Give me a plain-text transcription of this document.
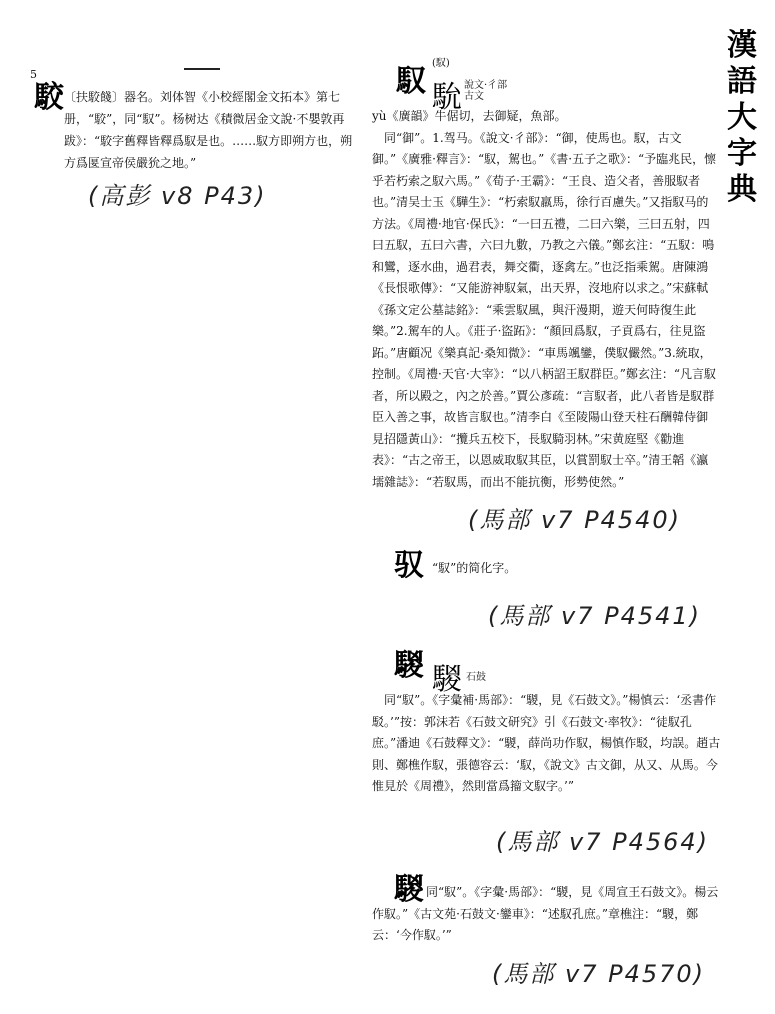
漢
語
大
字
典
5
駮 〔扶駮餞〕器名。刘体智《小校經閣金文拓本》第七册，“駮”，同“馭”。杨树达《積微居金文說·不嬰敦再跋》：“駮字舊釋皆釋爲馭是也。……馭方即朔方也，朔方爲匽宣帝侯嚴狁之地。”
(高彭 v8 P43)
馭
(馭)
馻 說文·彳部
古文

yù《廣韻》牛倨切，去御疑，魚部。

同“御”。1.驾马。《說文·彳部》：“御，使馬也。馭，古文御。”《廣雅·釋言》：“馭，駕也。”《書·五子之歌》：“予臨兆民，懔乎若朽索之馭六馬。”《荀子·王霸》：“王良、造父者，善服馭者也。”清吴士玉《驊生》：“朽索馭羸馬，徐行百慮失。”又指馭马的方法。《周禮·地官·保氏》：“一曰五禮，二曰六樂，三曰五射，四曰五馭，五曰六書，六曰九數，乃教之六儀。”鄭玄注：“五馭：鳴和鸞，逐水曲，過君表，舞交衢，逐禽左。”也泛指乘駕。唐陳鴻《長恨歌傳》：“又能游神馭氣，出天界，沒地府以求之。”宋蘇軾《孫文定公墓誌銘》：“乘雲馭風，與汗漫期，遊天何時復生此樂。”2.駕车的人。《莊子·盜跖》：“顏回爲馭，子貢爲右，往見盜跖。”唐顧况《樂真記·桑知微》：“車馬颯鑾，僕馭儼然。”3.統取，控制。《周禮·天官·大宰》：“以八柄詔王馭群臣。”鄭玄注：“凡言馭者，所以殿之，內之於善。”賈公彥疏：“言馭者，此八者皆是馭群臣入善之事，故皆言馭也。”清李白《至陵陽山登天柱石酬韓侍御見招隱黃山》：“攬兵五校下，長馭騎羽林。”宋黄庭堅《勸進表》：“古之帝王，以恩威取馭其臣，以賞罰馭士卒。”清王韜《瀛壖雜誌》：“若馭馬，而出不能抗衡，形勢使然。”

(馬部 v7 P4540)
驭 “馭”的简化字。
(馬部 v7 P4541)
騣 騣 石鼓
同“馭”。《字彙補·馬部》：“騣，見《石鼓文》。”楊慎云：‘丞書作駁。’”按：郭沫若《石鼓文研究》引《石鼓文·率牧》：“徒馭孔庶。”潘迪《石鼓釋文》：“騣，薛尚功作馭，楊慎作駁，均誤。趙古則、鄭樵作馭，張德容云：‘馭，《說文》古文御，从又、从馬。今惟見於《周禮》，然則當爲籀文馭字。’”
(馬部 v7 P4564)
騣 同“馭”。《字彙·馬部》：“騣，見《周宣王石鼓文》。楊云作馭。”《古文苑·石鼓文·鑾車》：“述馭孔庶。”章樵注：“騣，鄭云：‘今作馭。’”
(馬部 v7 P4570)
